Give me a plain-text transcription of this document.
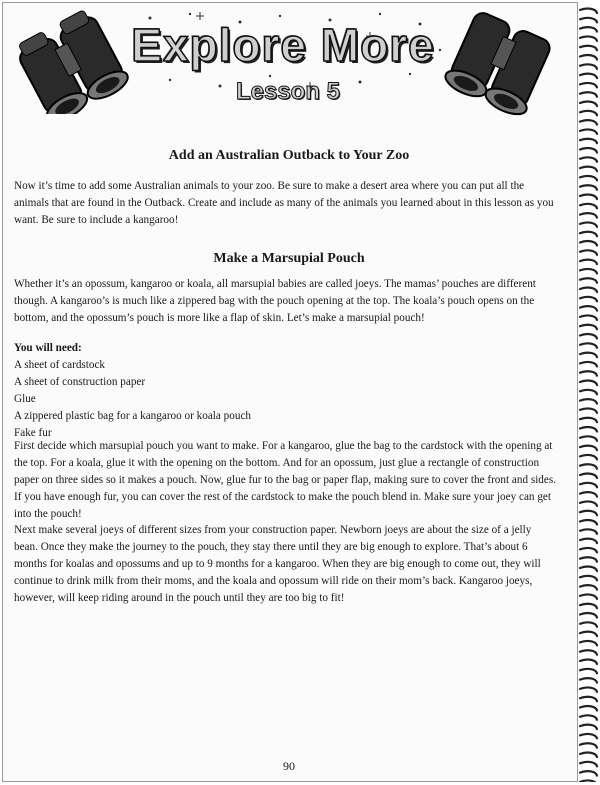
Explore More
Lesson 5
Add an Australian Outback to Your Zoo

Now it’s time to add some Australian animals to your zoo. Be sure to make a desert area where you can put all the animals that are found in the Outback. Create and include as many of the animals you learned about in this lesson as you want. Be sure to include a kangaroo!

Make a Marsupial Pouch

Whether it’s an opossum, kangaroo or koala, all marsupial babies are called joeys. The mamas’ pouches are different though. A kangaroo’s is much like a zippered bag with the pouch opening at the top. The koala’s pouch opens on the bottom, and the opossum’s pouch is more like a flap of skin. Let’s make a marsupial pouch!

You will need:
A sheet of cardstock
A sheet of construction paper
Glue
A zippered plastic bag for a kangaroo or koala pouch
Fake fur

First decide which marsupial pouch you want to make. For a kangaroo, glue the bag to the cardstock with the opening at the top. For a koala, glue it with the opening on the bottom. And for an opossum, just glue a rectangle of construction paper on three sides so it makes a pouch. Now, glue fur to the bag or paper flap, making sure to cover the front and sides. If you have enough fur, you can cover the rest of the cardstock to make the pouch blend in. Make sure your joey can get into the pouch!

Next make several joeys of different sizes from your construction paper. Newborn joeys are about the size of a jelly bean. Once they make the journey to the pouch, they stay there until they are big enough to explore. That’s about 6 months for koalas and opossums and up to 9 months for a kangaroo. When they are big enough to come out, they will continue to drink milk from their moms, and the koala and opossum will ride on their mom’s back. Kangaroo joeys, however, will keep riding around in the pouch until they are too big to fit!

90
